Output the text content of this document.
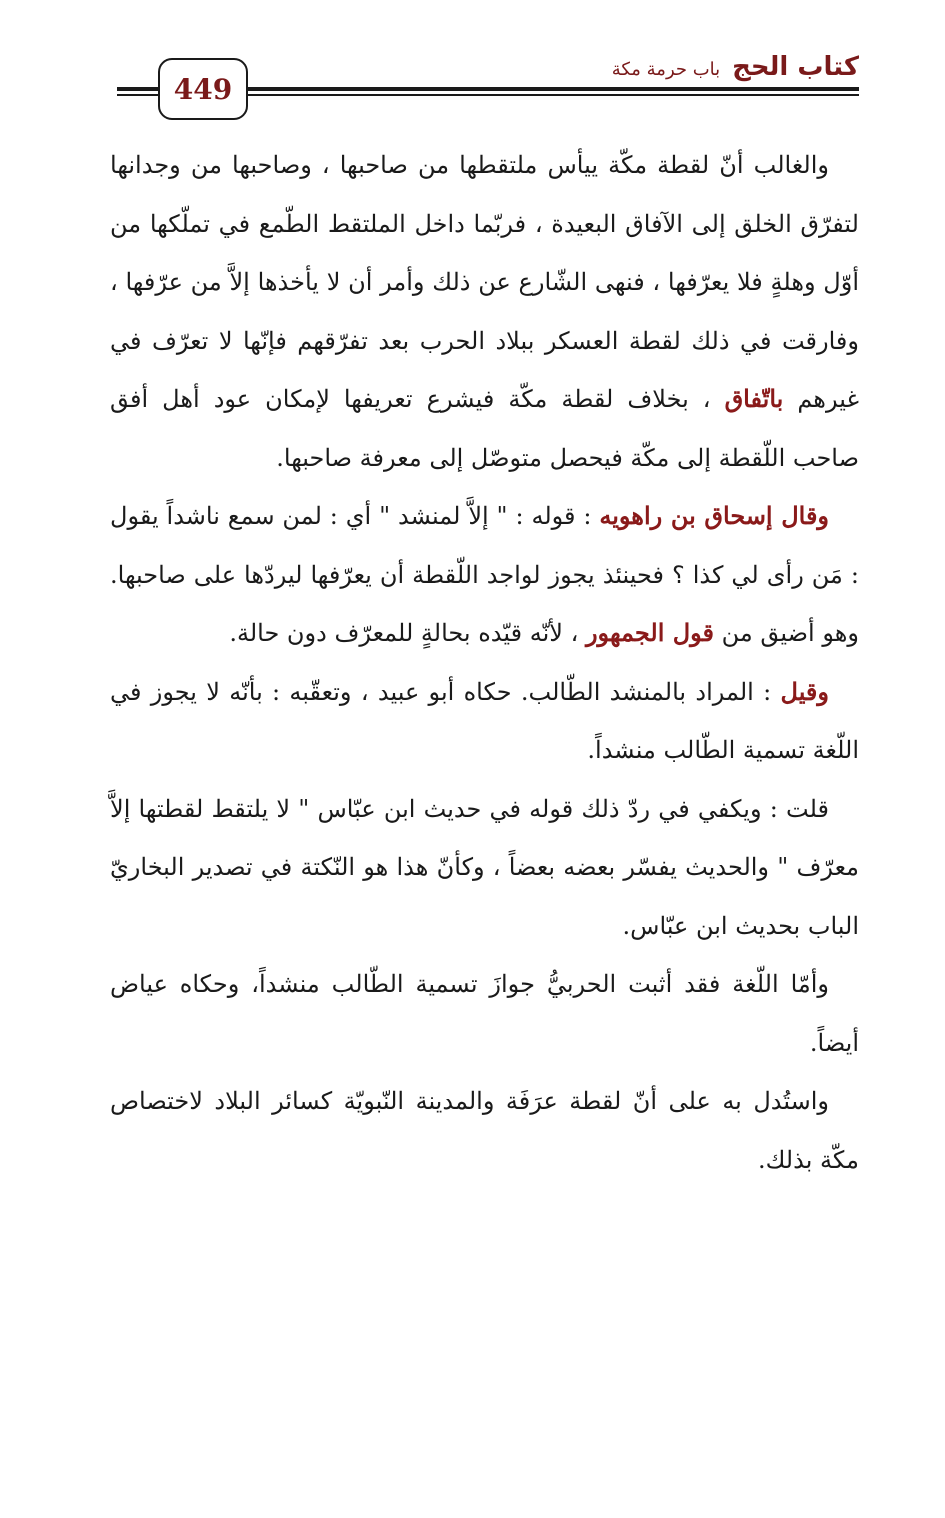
449
كتاب الحج
باب حرمة مكة

والغالب أنّ لقطة مكّة ييأس ملتقطها من صاحبها ، وصاحبها من وجدانها لتفرّق الخلق إلى الآفاق البعيدة ، فربّما داخل الملتقط الطّمع في تملّكها من أوّل وهلةٍ فلا يعرّفها ، فنهى الشّارع عن ذلك وأمر أن لا يأخذها إلاَّ من عرّفها ، وفارقت في ذلك لقطة العسكر ببلاد الحرب بعد تفرّقهم فإنّها لا تعرّف في غيرهم باتّفاق ، بخلاف لقطة مكّة فيشرع تعريفها لإمكان عود أهل أفق صاحب اللّقطة إلى مكّة فيحصل متوصّل إلى معرفة صاحبها.

وقال إسحاق بن راهويه : قوله : " إلاَّ لمنشد " أي : لمن سمع ناشداً يقول : مَن رأى لي كذا ؟ فحينئذ يجوز لواجد اللّقطة أن يعرّفها ليردّها على صاحبها. وهو أضيق من قول الجمهور ، لأنّه قيّده بحالةٍ للمعرّف دون حالة.

وقيل : المراد بالمنشد الطّالب. حكاه أبو عبيد ، وتعقّبه : بأنّه لا يجوز في اللّغة تسمية الطّالب منشداً.

قلت : ويكفي في ردّ ذلك قوله في حديث ابن عبّاس " لا يلتقط لقطتها إلاَّ معرّف " والحديث يفسّر بعضه بعضاً ، وكأنّ هذا هو النّكتة في تصدير البخاريّ الباب بحديث ابن عبّاس.

وأمّا اللّغة فقد أثبت الحربيُّ جوازَ تسمية الطّالب منشداً، وحكاه عياض أيضاً.

واستُدل به على أنّ لقطة عرَفَة والمدينة النّبويّة كسائر البلاد لاختصاص مكّة بذلك.
